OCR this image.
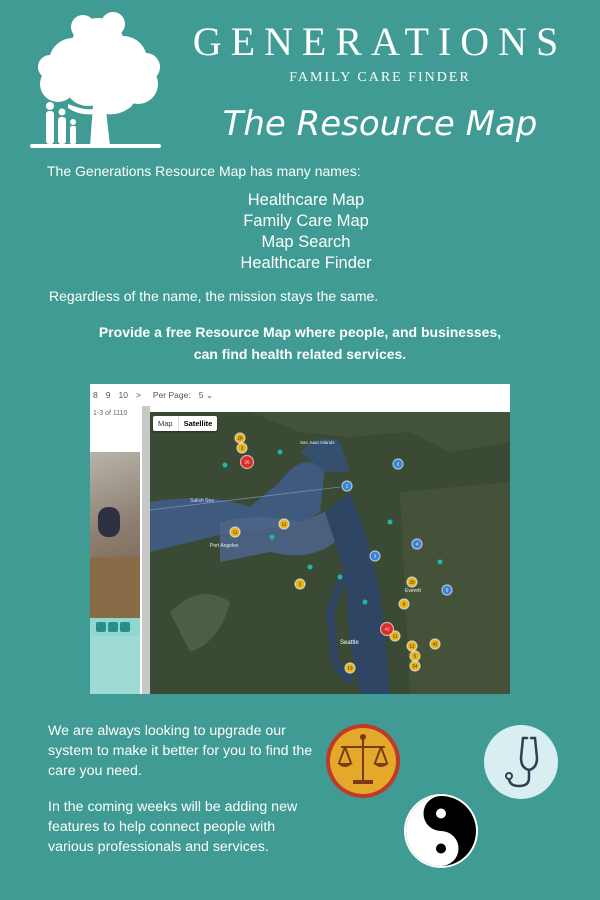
GENERATIONS
FAMILY CARE FINDER
The Resource Map
The Generations Resource Map has many names:
Healthcare Map
Family Care Map
Map Search
Healthcare Finder
Regardless of the name, the mission stays the same.
Provide a free Resource Map where people, and businesses, can find health related services.
8 9 10 > Per Page: 5 ⌄
1-3 of 1110
Salish Sea
Seattle
Port Angeles
Everett
San Juan Islands
28
3
11
11
2	29
9
11
13	54
12	42
5
2
2
3
4
5
26
42
Map	Satellite
We are always looking to upgrade our system to make it better for you to find the care you need.
In the coming weeks will be adding new features to help connect people with various professionals and services.
